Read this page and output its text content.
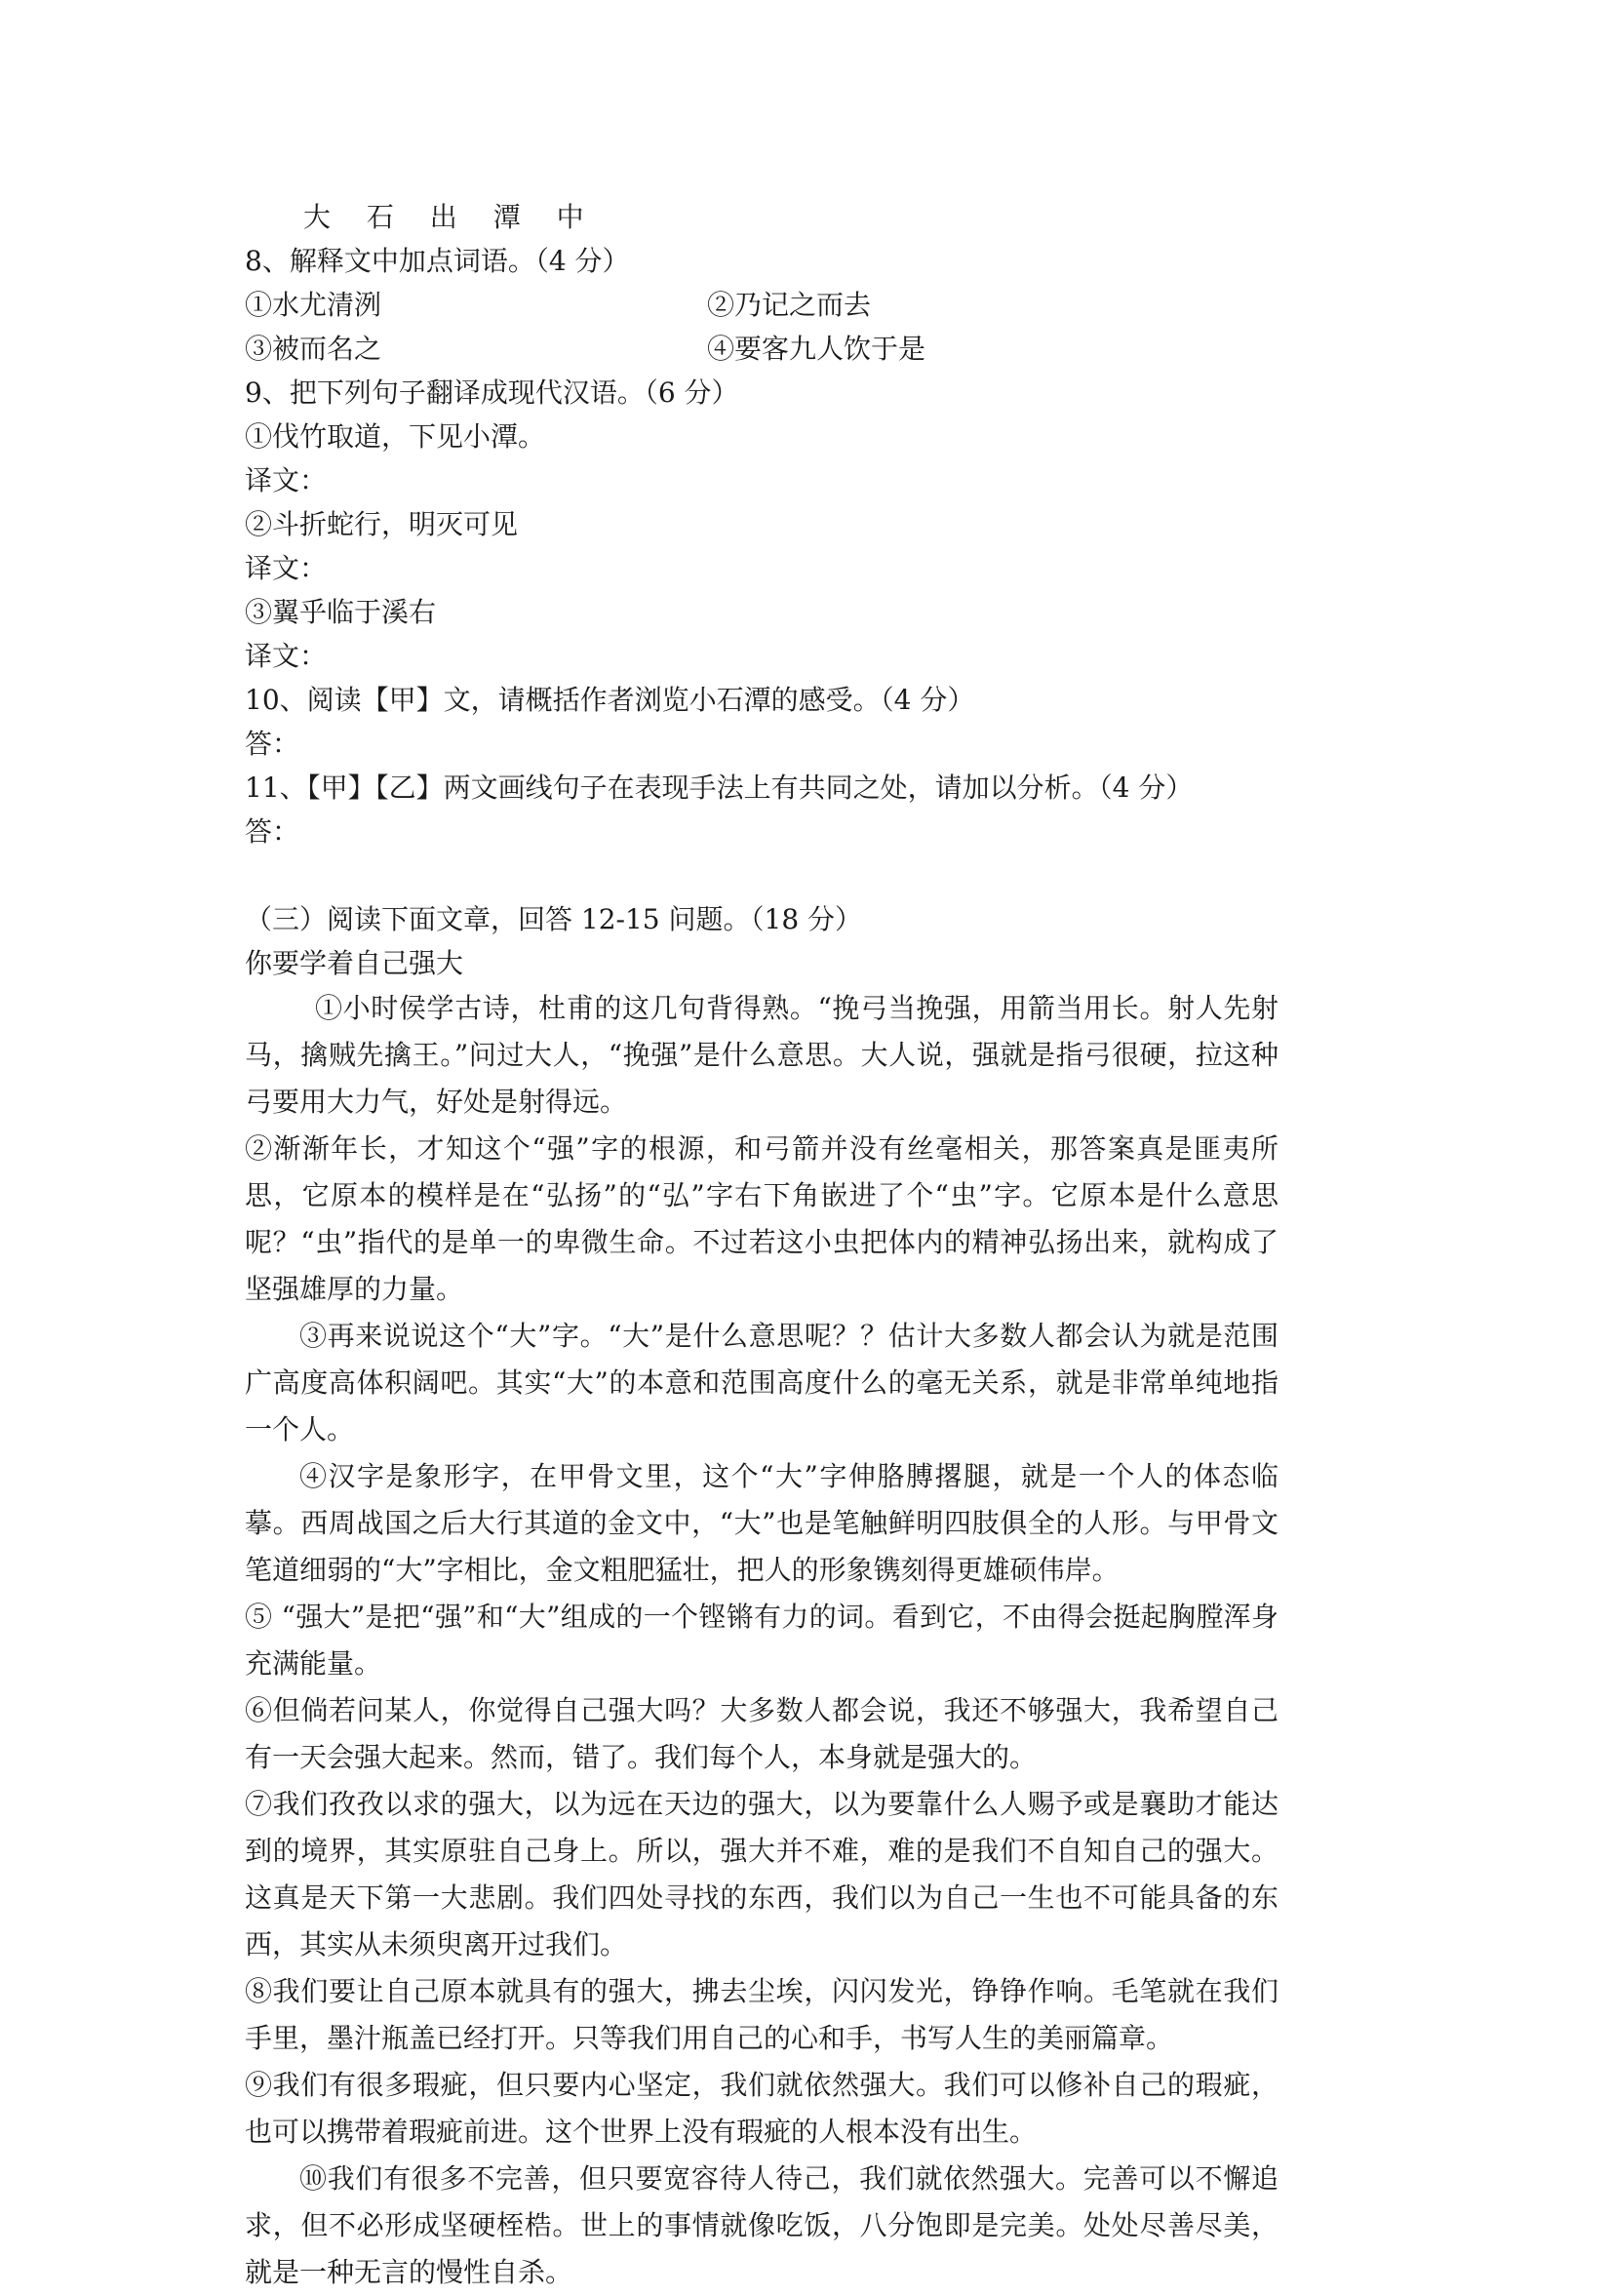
大 石 出 潭 中
8、解释文中加点词语。（4 分）
①水尤清洌	②乃记之而去
③被而名之	④要客九人饮于是
9、把下列句子翻译成现代汉语。（6 分）
①伐竹取道，下见小潭。
译文：
②斗折蛇行，明灭可见
译文：
③翼乎临于溪右
译文：
10、阅读【甲】文，请概括作者浏览小石潭的感受。（4 分）
答：
11、【甲】【乙】两文画线句子在表现手法上有共同之处，请加以分析。（4 分）
答：
（三）阅读下面文章，回答 12-15 问题。（18 分）
你要学着自己强大
①小时侯学古诗，杜甫的这几句背得熟。“挽弓当挽强，用箭当用长。射人先射马，擒贼先擒王。”问过大人，“挽强”是什么意思。大人说，强就是指弓很硬，拉这种弓要用大力气，好处是射得远。
②渐渐年长，才知这个“强”字的根源，和弓箭并没有丝毫相关，那答案真是匪夷所思，它原本的模样是在“弘扬”的“弘”字右下角嵌进了个“虫”字。它原本是什么意思呢？“虫”指代的是单一的卑微生命。不过若这小虫把体内的精神弘扬出来，就构成了坚强雄厚的力量。
③再来说说这个“大”字。“大”是什么意思呢？？估计大多数人都会认为就是范围广高度高体积阔吧。其实“大”的本意和范围高度什么的毫无关系，就是非常单纯地指一个人。
④汉字是象形字，在甲骨文里，这个“大”字伸胳膊撂腿，就是一个人的体态临摹。西周战国之后大行其道的金文中，“大”也是笔触鲜明四肢俱全的人形。与甲骨文笔道细弱的“大”字相比，金文粗肥猛壮，把人的形象镌刻得更雄硕伟岸。
⑤ “强大”是把“强”和“大”组成的一个铿锵有力的词。看到它，不由得会挺起胸膛浑身充满能量。
⑥但倘若问某人，你觉得自己强大吗？大多数人都会说，我还不够强大，我希望自己有一天会强大起来。然而，错了。我们每个人，本身就是强大的。
⑦我们孜孜以求的强大，以为远在天边的强大，以为要靠什么人赐予或是襄助才能达到的境界，其实原驻自己身上。所以，强大并不难，难的是我们不自知自己的强大。这真是天下第一大悲剧。我们四处寻找的东西，我们以为自己一生也不可能具备的东西，其实从未须臾离开过我们。
⑧我们要让自己原本就具有的强大，拂去尘埃，闪闪发光，铮铮作响。毛笔就在我们手里，墨汁瓶盖已经打开。只等我们用自己的心和手，书写人生的美丽篇章。
⑨我们有很多瑕疵，但只要内心坚定，我们就依然强大。我们可以修补自己的瑕疵，也可以携带着瑕疵前进。这个世界上没有瑕疵的人根本没有出生。
⑩我们有很多不完善，但只要宽容待人待己，我们就依然强大。完善可以不懈追求，但不必形成坚硬桎梏。世上的事情就像吃饭，八分饱即是完美。处处尽善尽美，就是一种无言的慢性自杀。
